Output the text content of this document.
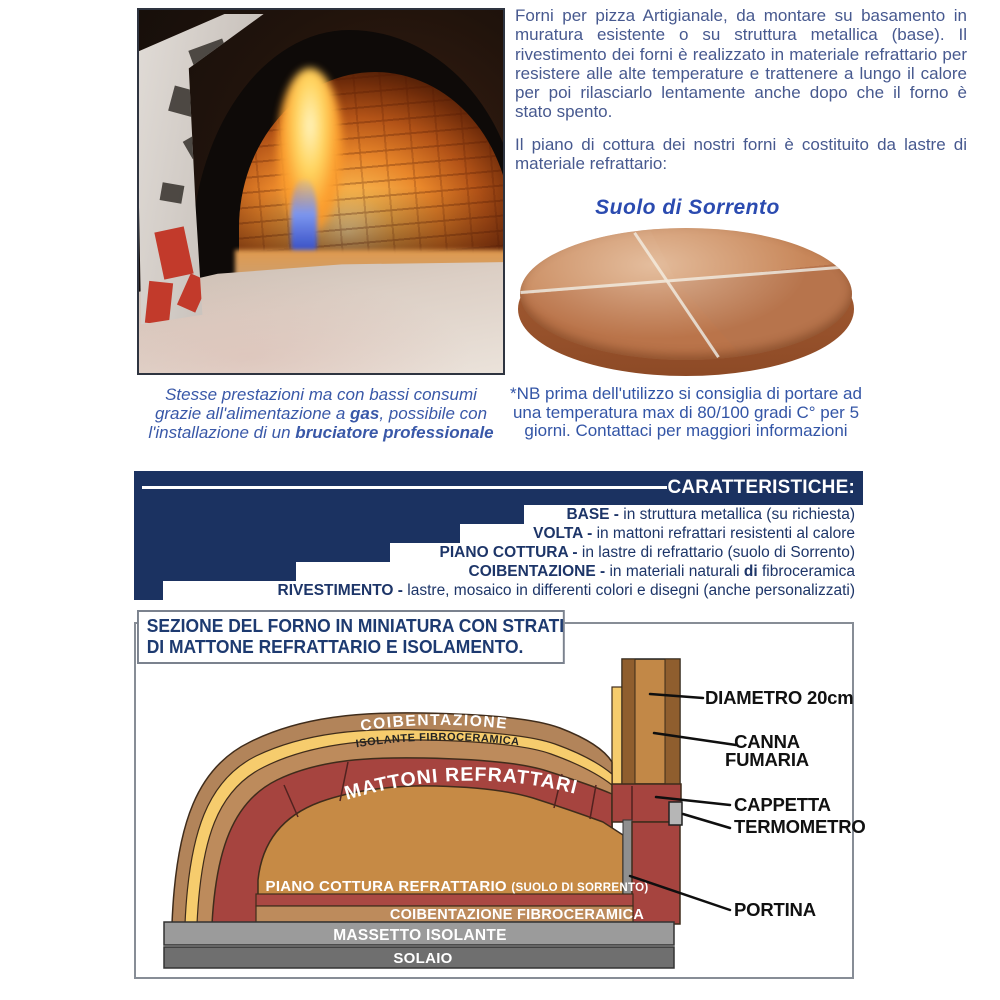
Forni per pizza Artigianale, da montare su basamento in muratura esistente o su struttura metallica (base). Il rivestimento dei forni è realizzato in materiale refrattario per resistere alle alte temperature e trattenere a lungo il calore per poi rilasciarlo lentamente anche dopo che il forno è stato spento.

Il piano di cottura dei nostri forni è costituito da lastre di materiale refrattario:

Suolo di Sorrento
*NB prima dell'utilizzo si consiglia di portare ad
una temperatura max di 80/100 gradi C° per 5
giorni. Contattaci per maggiori informazioni
Stesse prestazioni ma con bassi consumi
grazie all'alimentazione a gas, possibile con
l'installazione di un bruciatore professionale
CARATTERISTICHE:
BASE - in struttura metallica (su richiesta)
VOLTA - in mattoni refrattari resistenti al calore
PIANO COTTURA - in lastre di refrattario (suolo di Sorrento)
COIBENTAZIONE - in materiali naturali di fibroceramica
RIVESTIMENTO - lastre, mosaico in differenti colori e disegni (anche personalizzati)
SEZIONE DEL FORNO IN MINIATURA CON STRATI
DI MATTONE REFRATTARIO E ISOLAMENTO.
COIBENTAZIONE
ISOLANTE FIBROCERAMICA
MATTONI REFRATTARI
PIANO COTTURA REFRATTARIO (SUOLO DI SORRENTO)
COIBENTAZIONE FIBROCERAMICA
MASSETTO ISOLANTE
SOLAIO
DIAMETRO 20cm
CANNA
FUMARIA
CAPPETTA
TERMOMETRO
PORTINA
